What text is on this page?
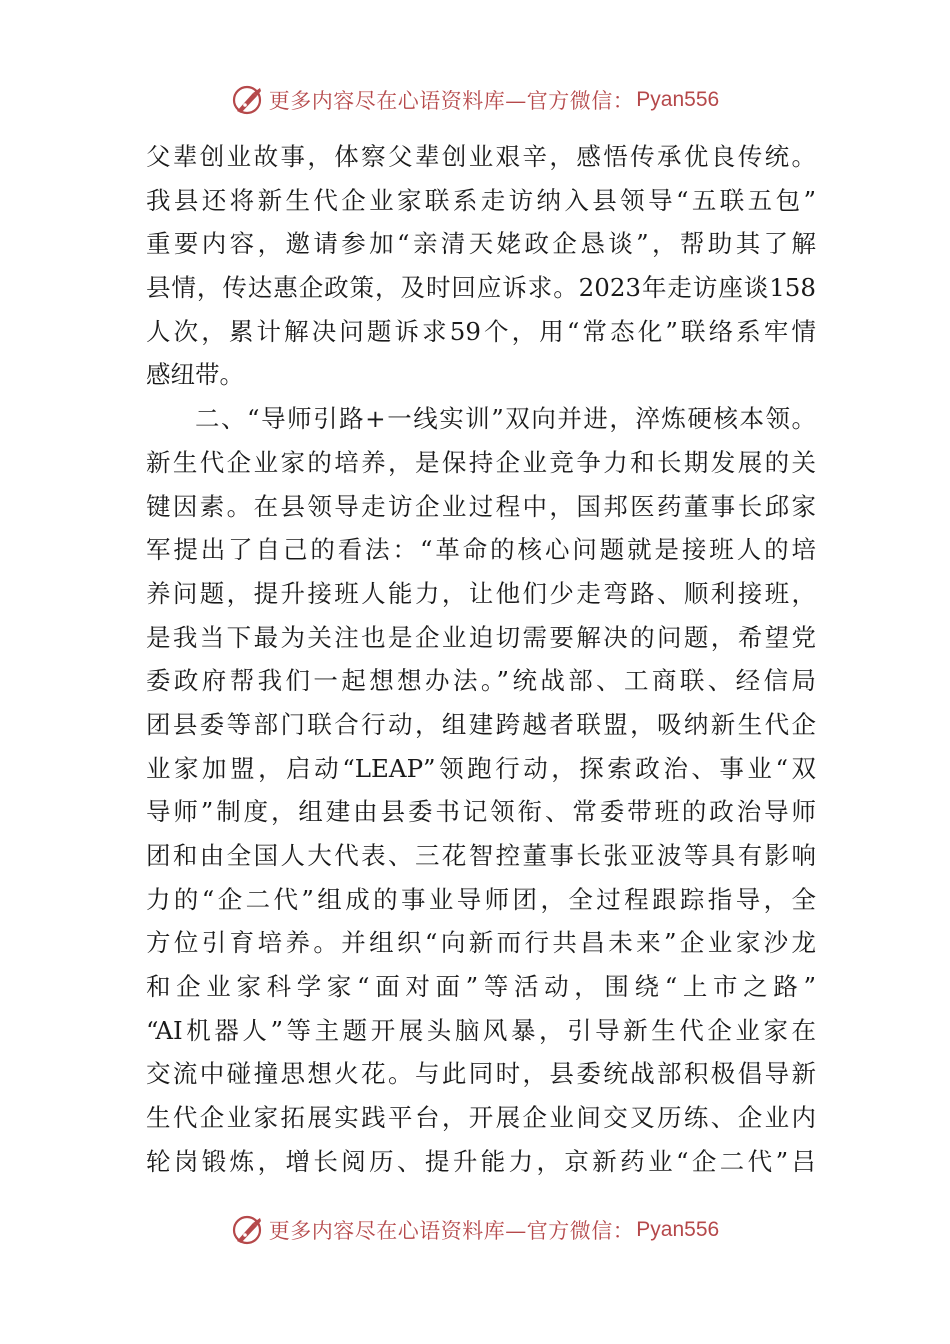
更多内容尽在心语资料库—官方微信： Pyan556
父辈创业故事，体察父辈创业艰辛，感悟传承优良传统。
我县还将新生代企业家联系走访纳入县领导“五联五包”
重要内容，邀请参加“亲清天姥政企恳谈”，帮助其了解
县情，传达惠企政策，及时回应诉求。2023年走访座谈158
人次，累计解决问题诉求59个，用“常态化”联络系牢情
感纽带。
二、“导师引路+一线实训”双向并进，淬炼硬核本领。
新生代企业家的培养，是保持企业竞争力和长期发展的关
键因素。在县领导走访企业过程中，国邦医药董事长邱家
军提出了自己的看法：“革命的核心问题就是接班人的培
养问题，提升接班人能力，让他们少走弯路、顺利接班，
是我当下最为关注也是企业迫切需要解决的问题，希望党
委政府帮我们一起想想办法。”统战部、工商联、经信局
团县委等部门联合行动，组建跨越者联盟，吸纳新生代企
业家加盟，启动“LEAP”领跑行动，探索政治、事业“双
导师”制度，组建由县委书记领衔、常委带班的政治导师
团和由全国人大代表、三花智控董事长张亚波等具有影响
力的“企二代”组成的事业导师团，全过程跟踪指导，全
方位引育培养。并组织“向新而行共昌未来”企业家沙龙
和企业家科学家“面对面”等活动，围绕“上市之路”
“AI机器人”等主题开展头脑风暴，引导新生代企业家在
交流中碰撞思想火花。与此同时，县委统战部积极倡导新
生代企业家拓展实践平台，开展企业间交叉历练、企业内
轮岗锻炼，增长阅历、提升能力，京新药业“企二代”吕
更多内容尽在心语资料库—官方微信： Pyan556
